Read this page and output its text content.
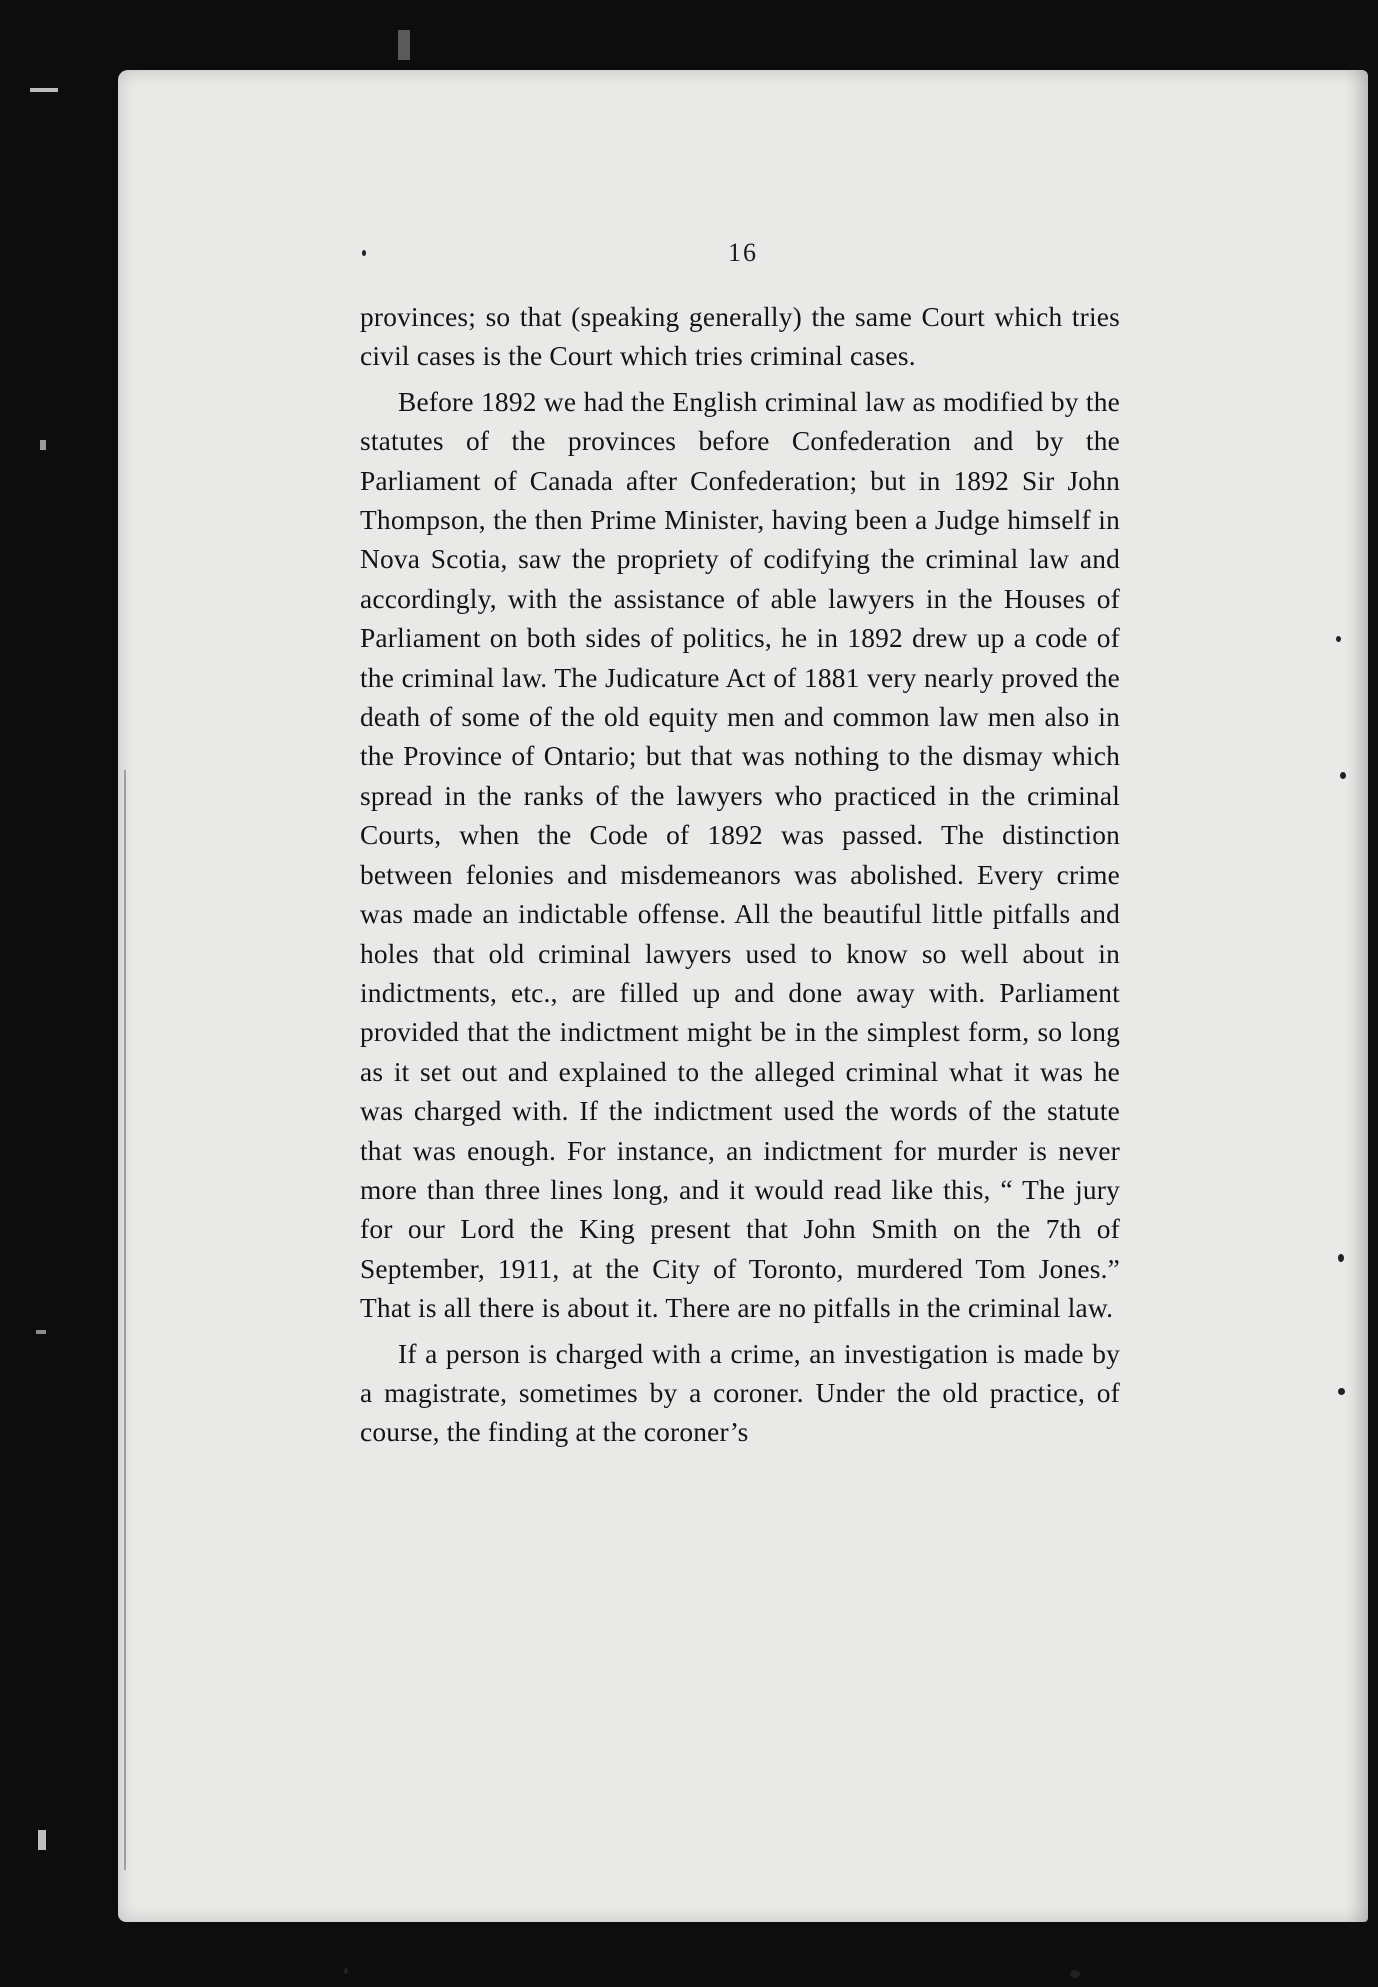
16

provinces; so that (speaking generally) the same Court which tries civil cases is the Court which tries criminal cases.

Before 1892 we had the English criminal law as modified by the statutes of the provinces before Confederation and by the Parliament of Canada after Confederation; but in 1892 Sir John Thompson, the then Prime Minister, having been a Judge himself in Nova Scotia, saw the propriety of codifying the criminal law and accordingly, with the assistance of able lawyers in the Houses of Parliament on both sides of politics, he in 1892 drew up a code of the criminal law. The Judicature Act of 1881 very nearly proved the death of some of the old equity men and common law men also in the Province of Ontario; but that was nothing to the dismay which spread in the ranks of the lawyers who practiced in the criminal Courts, when the Code of 1892 was passed. The distinction between felonies and misdemeanors was abolished. Every crime was made an indictable offense. All the beautiful little pitfalls and holes that old criminal lawyers used to know so well about in indictments, etc., are filled up and done away with. Parliament provided that the indictment might be in the simplest form, so long as it set out and explained to the alleged criminal what it was he was charged with. If the indictment used the words of the statute that was enough. For instance, an indictment for murder is never more than three lines long, and it would read like this, “ The jury for our Lord the King present that John Smith on the 7th of September, 1911, at the City of Toronto, murdered Tom Jones.” That is all there is about it. There are no pitfalls in the criminal law.

If a person is charged with a crime, an investigation is made by a magistrate, sometimes by a coroner. Under the old practice, of course, the finding at the coroner’s
